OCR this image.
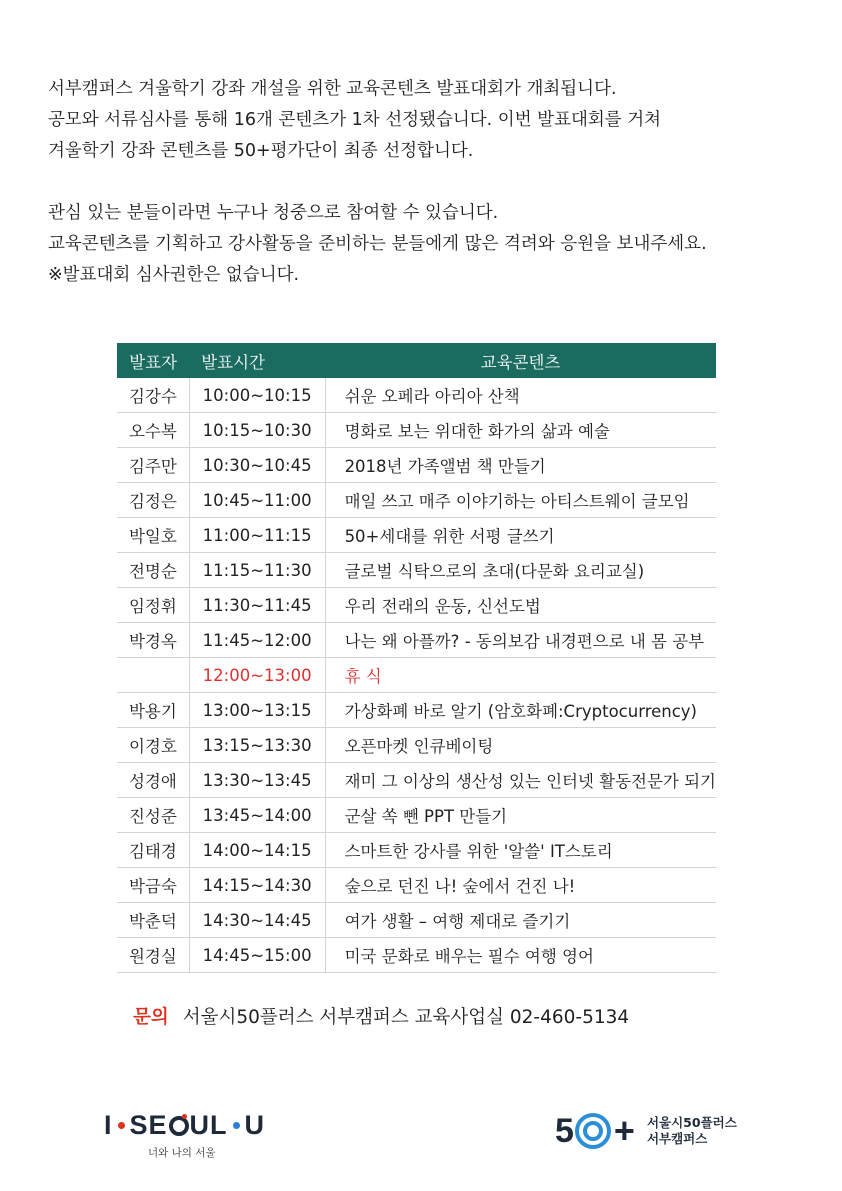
서부캠퍼스 겨울학기 강좌 개설을 위한 교육콘텐츠 발표대회가 개최됩니다.

공모와 서류심사를 통해 16개 콘텐츠가 1차 선정됐습니다. 이번 발표대회를 거쳐

겨울학기 강좌 콘텐츠를 50+평가단이 최종 선정합니다.

관심 있는 분들이라면 누구나 청중으로 참여할 수 있습니다.

교육콘텐츠를 기획하고 강사활동을 준비하는 분들에게 많은 격려와 응원을 보내주세요.

※발표대회 심사권한은 없습니다.

발표자	발표시간	교육콘텐츠
김강수	10:00~10:15	쉬운 오페라 아리아 산책
오수복	10:15~10:30	명화로 보는 위대한 화가의 삶과 예술
김주만	10:30~10:45	2018년 가족앨범 책 만들기
김정은	10:45~11:00	매일 쓰고 매주 이야기하는 아티스트웨이 글모임
박일호	11:00~11:15	50+세대를 위한 서평 글쓰기
전명순	11:15~11:30	글로벌 식탁으로의 초대(다문화 요리교실)
임정휘	11:30~11:45	우리 전래의 운동, 신선도법
박경옥	11:45~12:00	나는 왜 아플까? - 동의보감 내경편으로 내 몸 공부
	12:00~13:00	휴 식
박용기	13:00~13:15	가상화폐 바로 알기 (암호화폐:Cryptocurrency)
이경호	13:15~13:30	오픈마켓 인큐베이팅
성경애	13:30~13:45	재미 그 이상의 생산성 있는 인터넷 활동전문가 되기
진성준	13:45~14:00	군살 쏙 뺀 PPT 만들기
김태경	14:00~14:15	스마트한 강사를 위한 '알쓸' IT스토리
박금숙	14:15~14:30	숲으로 던진 나! 숲에서 건진 나!
박춘덕	14:30~14:45	여가 생활 – 여행 제대로 즐기기
원경실	14:45~15:00	미국 문화로 배우는 필수 여행 영어
문의 서울시50플러스 서부캠퍼스 교육사업실 02-460-5134
I SE UL U
너와 나의 서울
5 + 서울시50플러스
서부캠퍼스
